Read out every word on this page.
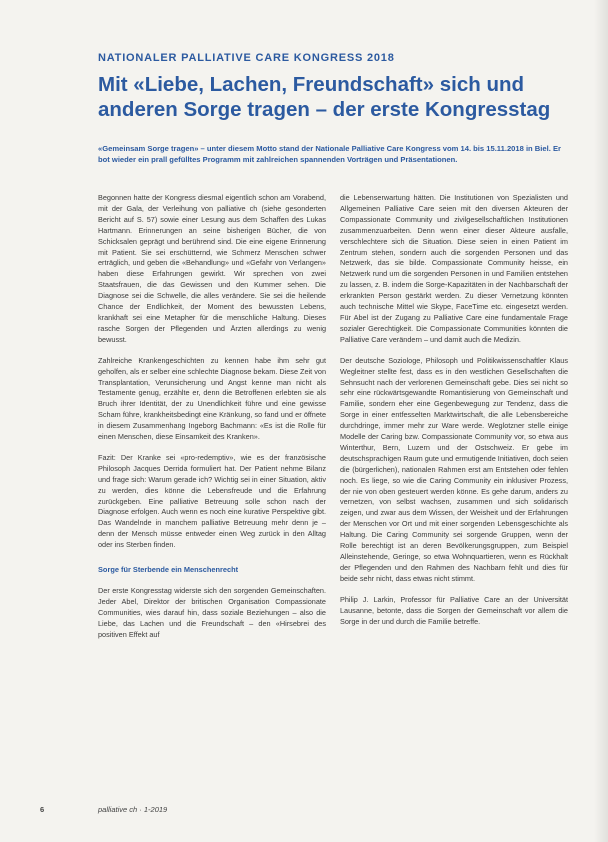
NATIONALER PALLIATIVE CARE KONGRESS 2018
Mit «Liebe, Lachen, Freundschaft» sich und anderen Sorge tragen – der erste Kongresstag

«Gemeinsam Sorge tragen» – unter diesem Motto stand der Nationale Palliative Care Kongress vom 14. bis 15.11.2018 in Biel. Er bot wieder ein prall gefülltes Programm mit zahlreichen spannenden Vorträgen und Präsentationen.

Begonnen hatte der Kongress diesmal eigentlich schon am Vorabend, mit der Gala, der Verleihung von palliative ch (siehe gesonderten Bericht auf S. 57) sowie einer Lesung aus dem Schaffen des Lukas Hartmann. Erinnerungen an seine bisherigen Bücher, die von Schicksalen geprägt und berührend sind. Die eine eigene Erinnerung mit Patient. Sie sei erschütternd, wie Schmerz Menschen schwer erträglich, und geben die «Behandlung» und «Gefahr von Verlangen» haben diese Erfahrungen gewirkt. Wir sprechen von zwei Staatsfrauen, die das Gewissen und den Kummer sehen. Die Diagnose sei die Schwelle, die alles verändere. Sie sei die heilende Chance der Endlichkeit, der Moment des bewussten Lebens, krankhaft sei eine Metapher für die menschliche Haltung. Dieses rasche Sorgen der Pflegenden und Ärzten allerdings zu wenig bewusst.

Zahlreiche Krankengeschichten zu kennen habe ihm sehr gut geholfen, als er selber eine schlechte Diagnose bekam. Diese Zeit von Transplantation, Verunsicherung und Angst kenne man nicht als Testamente genug, erzählte er, denn die Betroffenen erlebten sie als Bruch ihrer Identität, der zu Unendlichkeit führe und eine gewisse Scham führe, krankheitsbedingt eine Kränkung, so fand und er öffnete in diesem Zusammenhang Ingeborg Bachmann: «Es ist die Rolle für einen Menschen, diese Einsamkeit des Kranken».

Fazit: Der Kranke sei «pro-redemptiv», wie es der französische Philosoph Jacques Derrida formuliert hat. Der Patient nehme Bilanz und frage sich: Warum gerade ich? Wichtig sei in einer Situation, aktiv zu werden, dies könne die Lebensfreude und die Erfahrung zurückgeben. Eine palliative Betreuung solle schon nach der Diagnose erfolgen. Auch wenn es noch eine kurative Perspektive gibt. Das Wandelnde in manchem palliative Betreuung mehr denn je – denn der Mensch müsse entweder einen Weg zurück in den Alltag oder ins Sterben finden.

Sorge für Sterbende ein Menschenrecht

Der erste Kongresstag widerste sich den sorgenden Gemeinschaften. Jeder Abel, Direktor der britischen Organisation Compassionate Communities, wies darauf hin, dass soziale Beziehungen – also die Liebe, das Lachen und die Freundschaft – den «Hirsebrei des positiven Effekt auf

die Lebenserwartung hätten. Die Institutionen von Spezialisten und Allgemeinen Palliative Care seien mit den diversen Akteuren der Compassionate Community und zivilgesellschaftlichen Institutionen zusammenzuarbeiten. Denn wenn einer dieser Akteure ausfalle, verschlechtere sich die Situation. Diese seien in einen Patient im Zentrum stehen, sondern auch die sorgenden Personen und das Netzwerk, das sie bilde. Compassionate Community heisse, ein Netzwerk rund um die sorgenden Personen in und Familien entstehen zu lassen, z. B. indem die Sorge-Kapazitäten in der Nachbarschaft der erkrankten Person gestärkt werden. Zu dieser Vernetzung könnten auch technische Mittel wie Skype, FaceTime etc. eingesetzt werden. Für Abel ist der Zugang zu Palliative Care eine fundamentale Frage sozialer Gerechtigkeit. Die Compassionate Communities könnten die Palliative Care verändern – und damit auch die Medizin.

Der deutsche Soziologe, Philosoph und Politikwissenschaftler Klaus Wegleitner stellte fest, dass es in den westlichen Gesellschaften die Sehnsucht nach der verlorenen Gemeinschaft gebe. Dies sei nicht so sehr eine rückwärtsgewandte Romantisierung von Gemeinschaft und Familie, sondern eher eine Gegenbewegung zur Tendenz, dass die Sorge in einer entfesselten Marktwirtschaft, die alle Lebensbereiche durchdringe, immer mehr zur Ware werde. Weglotzner stelle einige Modelle der Caring bzw. Compassionate Community vor, so etwa aus Winterthur, Bern, Luzern und der Ostschweiz. Er gebe im deutschsprachigen Raum gute und ermutigende Initiativen, doch seien die (bürgerlichen), nationalen Rahmen erst am Entstehen oder fehlen noch. Es liege, so wie die Caring Community ein inklusiver Prozess, der nie von oben gesteuert werden könne. Es gehe darum, anders zu vernetzen, von selbst wachsen, zusammen und sich solidarisch zeigen, und zwar aus dem Wissen, der Weisheit und der Erfahrungen der Menschen vor Ort und mit einer sorgenden Lebensgeschichte als Haltung. Die Caring Community sei sorgende Gruppen, wenn der Rolle berechtigt ist an deren Bevölkerungsgruppen, zum Beispiel Alleinstehende, Geringe, so etwa Wohnquartieren, wenn es Rückhalt der Pflegenden und den Rahmen des Nachbarn fehlt und dies für beide sehr nicht, dass etwas nicht stimmt.

Philip J. Larkin, Professor für Palliative Care an der Universität Lausanne, betonte, dass die Sorgen der Gemeinschaft vor allem die Sorge in der und durch die Familie betreffe.

6	palliative ch · 1-2019
